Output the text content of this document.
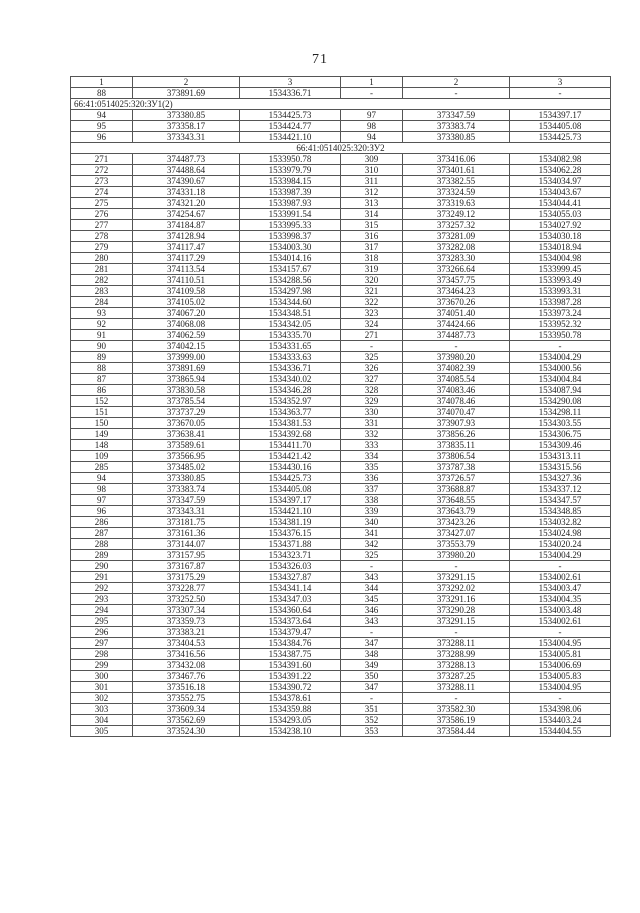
71
1	2	3	1	2	3
88	373891.69	1534336.71	-	-	-
66:41:0514025:320:ЗУ1(2)					
94	373380.85	1534425.73	97	373347.59	1534397.17
95	373358.17	1534424.77	98	373383.74	1534405.08
96	373343.31	1534421.10	94	373380.85	1534425.73
66:41:0514025:320:ЗУ2					
271	374487.73	1533950.78	309	373416.06	1534082.98
272	374488.64	1533979.79	310	373401.61	1534062.28
273	374390.67	1533984.15	311	373382.55	1534034.97
274	374331.18	1533987.39	312	373324.59	1534043.67
275	374321.20	1533987.93	313	373319.63	1534044.41
276	374254.67	1533991.54	314	373249.12	1534055.03
277	374184.87	1533995.33	315	373257.32	1534027.92
278	374128.94	1533998.37	316	373281.09	1534030.18
279	374117.47	1534003.30	317	373282.08	1534018.94
280	374117.29	1534014.16	318	373283.30	1534004.98
281	374113.54	1534157.67	319	373266.64	1533999.45
282	374110.51	1534288.56	320	373457.75	1533993.49
283	374109.58	1534297.98	321	373464.23	1533993.31
284	374105.02	1534344.60	322	373670.26	1533987.28
93	374067.20	1534348.51	323	374051.40	1533973.24
92	374068.08	1534342.05	324	374424.66	1533952.32
91	374062.59	1534335.70	271	374487.73	1533950.78
90	374042.15	1534331.65	-	-	-
89	373999.00	1534333.63	325	373980.20	1534004.29
88	373891.69	1534336.71	326	374082.39	1534000.56
87	373865.94	1534340.02	327	374085.54	1534004.84
86	373830.58	1534346.28	328	374083.46	1534087.94
152	373785.54	1534352.97	329	374078.46	1534290.08
151	373737.29	1534363.77	330	374070.47	1534298.11
150	373670.05	1534381.53	331	373907.93	1534303.55
149	373638.41	1534392.68	332	373856.26	1534306.75
148	373589.61	1534411.70	333	373835.11	1534309.46
109	373566.95	1534421.42	334	373806.54	1534313.11
285	373485.02	1534430.16	335	373787.38	1534315.56
94	373380.85	1534425.73	336	373726.57	1534327.36
98	373383.74	1534405.08	337	373688.87	1534337.12
97	373347.59	1534397.17	338	373648.55	1534347.57
96	373343.31	1534421.10	339	373643.79	1534348.85
286	373181.75	1534381.19	340	373423.26	1534032.82
287	373161.36	1534376.15	341	373427.07	1534024.98
288	373144.07	1534371.88	342	373553.79	1534020.24
289	373157.95	1534323.71	325	373980.20	1534004.29
290	373167.87	1534326.03	-	-	-
291	373175.29	1534327.87	343	373291.15	1534002.61
292	373228.77	1534341.14	344	373292.02	1534003.47
293	373252.50	1534347.03	345	373291.16	1534004.35
294	373307.34	1534360.64	346	373290.28	1534003.48
295	373359.73	1534373.64	343	373291.15	1534002.61
296	373383.21	1534379.47	-	-	-
297	373404.53	1534384.76	347	373288.11	1534004.95
298	373416.56	1534387.75	348	373288.99	1534005.81
299	373432.08	1534391.60	349	373288.13	1534006.69
300	373467.76	1534391.22	350	373287.25	1534005.83
301	373516.18	1534390.72	347	373288.11	1534004.95
302	373552.75	1534378.61	-	-	-
303	373609.34	1534359.88	351	373582.30	1534398.06
304	373562.69	1534293.05	352	373586.19	1534403.24
305	373524.30	1534238.10	353	373584.44	1534404.55
